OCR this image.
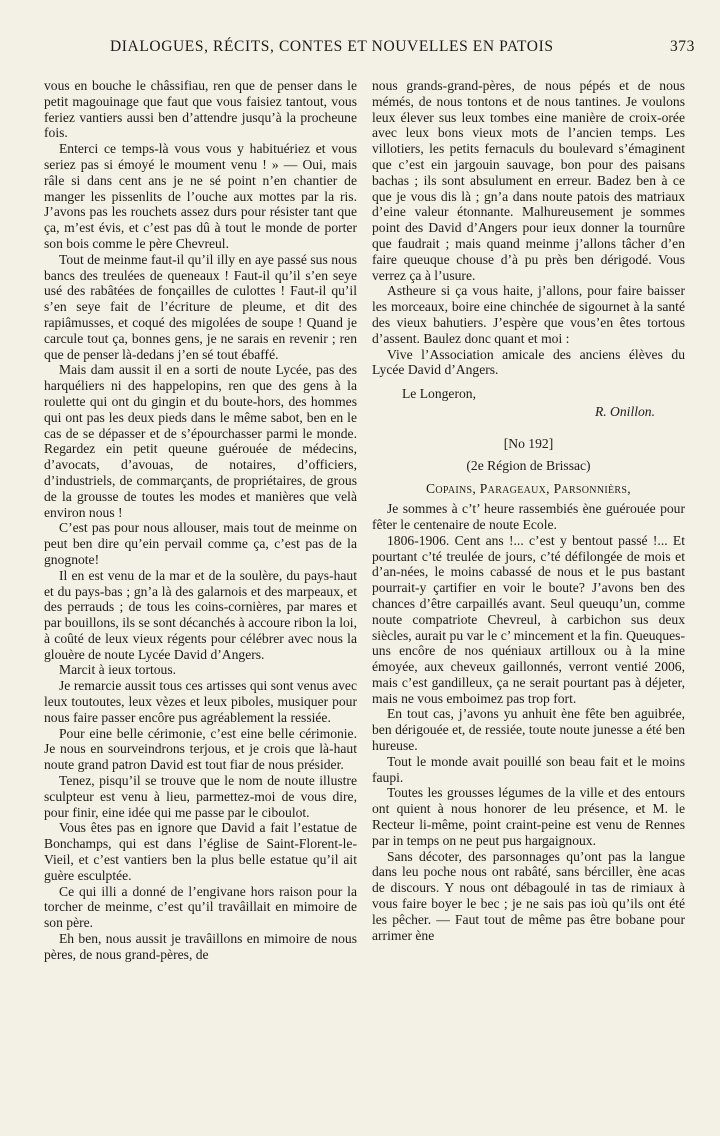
DIALOGUES, RÉCITS, CONTES ET NOUVELLES EN PATOIS	373

vous en bouche le châssifiau, ren que de penser dans le petit magouinage que faut que vous faisiez tantout, vous feriez vantiers aussi ben d’attendre jusqu’à la procheune fois.

Enterci ce temps-là vous vous y habituériez et vous seriez pas si émoyé le moument venu ! » — Oui, mais râle si dans cent ans je ne sé point n’en chantier de manger les pissenlits de l’ouche aux mottes par la ris. J’avons pas les rouchets assez durs pour résister tant que ça, m’est évis, et c’est pas dû à tout le monde de porter son bois comme le père Chevreul.

Tout de meinme faut-il qu’il illy en aye passé sus nous bancs des treulées de queneaux ! Faut-il qu’il s’en seye usé des rabâtées de fonçailles de culottes ! Faut-il qu’il s’en seye fait de l’écriture de pleume, et dit des rapiâmusses, et coqué des migolées de soupe ! Quand je carcule tout ça, bonnes gens, je ne sarais en revenir ; ren que de penser là-dedans j’en sé tout ébaffé.

Mais dam aussit il en a sorti de noute Lycée, pas des harquéliers ni des happelopins, ren que des gens à la roulette qui ont du gingin et du boute-hors, des hommes qui ont pas les deux pieds dans le même sabot, ben en le cas de se dépasser et de s’épourchasser parmi le monde. Regardez ein petit queune guérouée de médecins, d’avocats, d’avouas, de notaires, d’officiers, d’industriels, de commarçants, de propriétaires, de grous de la grousse de toutes les modes et manières que velà environ nous !

C’est pas pour nous allouser, mais tout de meinme on peut ben dire qu’ein pervail comme ça, c’est pas de la gnognote!

Il en est venu de la mar et de la soulère, du pays-haut et du pays-bas ; gn’a là des galarnois et des marpeaux, et des perrauds ; de tous les coins-cornières, par mares et par bouillons, ils se sont décanchés à accoure ribon la loi, à coûté de leux vieux régents pour célébrer avec nous la glouère de noute Lycée David d’Angers.

Marcit à ieux tortous.

Je remarcie aussit tous ces artisses qui sont venus avec leux toutoutes, leux vèzes et leux piboles, musiquer pour nous faire passer encôre pus agréablement la ressiée.

Pour eine belle cérimonie, c’est eine belle cérimonie. Je nous en sourveindrons terjous, et je crois que là-haut noute grand patron David est tout fiar de nous présider.

Tenez, pisqu’il se trouve que le nom de noute illustre sculpteur est venu à lieu, parmettez-moi de vous dire, pour finir, eine idée qui me passe par le ciboulot.

Vous êtes pas en ignore que David a fait l’estatue de Bonchamps, qui est dans l’église de Saint-Florent-le-Vieil, et c’est vantiers ben la plus belle estatue qu’il ait guère esculptée.

Ce qui illi a donné de l’engivane hors raison pour la torcher de meinme, c’est qu’il travâillait en mimoire de son père.

Eh ben, nous aussit je travâillons en mimoire de nous pères, de nous grand-pères, de

nous grands-grand-pères, de nous pépés et de nous mémés, de nous tontons et de nous tantines. Je voulons leux élever sus leux tombes eine manière de croix-orée avec leux bons vieux mots de l’ancien temps. Les villotiers, les petits fernaculs du boulevard s’émaginent que c’est ein jargouin sauvage, bon pour des paisans bachas ; ils sont absulument en erreur. Badez ben à ce que je vous dis là ; gn’a dans noute patois des matriaux d’eine valeur étonnante. Malhureusement je sommes point des David d’Angers pour ieux donner la tournûre que faudrait ; mais quand meinme j’allons tâcher d’en faire queuque chouse d’à pu près ben dérigodé. Vous verrez ça à l’usure.

Astheure si ça vous haite, j’allons, pour faire baisser les morceaux, boire eine chinchée de sigournet à la santé des vieux bahutiers. J’espère que vous’en êtes tortous d’assent. Baulez donc quant et moi :

Vive l’Association amicale des anciens élèves du Lycée David d’Angers.

Le Longeron,

R. Onillon.

[No 192]

(2e Région de Brissac)

Copains, Parageaux, Parsonnièrs,

Je sommes à c’t’ heure rassembiés ène guérouée pour fêter le centenaire de noute Ecole.

1806-1906. Cent ans !... c’est y bentout passé !... Et pourtant c’té treulée de jours, c’té défilongée de mois et d’an-nées, le moins cabassé de nous et le pus bastant pourrait-y çartifier en voir le boute? J’avons ben des chances d’être carpaillés avant. Seul queuqu’un, comme noute compatriote Chevreul, à carbichon sus deux siècles, aurait pu var le c’ mincement et la fin. Queuques-uns encôre de nos quéniaux artilloux ou à la mine émoyée, aux cheveux gaillonnés, verront ventié 2006, mais c’est gandilleux, ça ne serait pourtant pas à déjeter, mais ne vous emboimez pas trop fort.

En tout cas, j’avons yu anhuit ène fête ben aguibrée, ben dérigouée et, de ressiée, toute noute junesse a été ben hureuse.

Tout le monde avait pouillé son beau fait et le moins faupi.

Toutes les grousses légumes de la ville et des entours ont quient à nous honorer de leu présence, et M. le Recteur li-même, point craint-peine est venu de Rennes par in temps on ne peut pus hargaignoux.

Sans décoter, des parsonnages qu’ont pas la langue dans leu poche nous ont rabâté, sans bérciller, ène acas de discours. Y nous ont débagoulé in tas de rimiaux à vous faire boyer le bec ; je ne sais pas ioù qu’ils ont été les pêcher. — Faut tout de même pas être bobane pour arrimer ène
